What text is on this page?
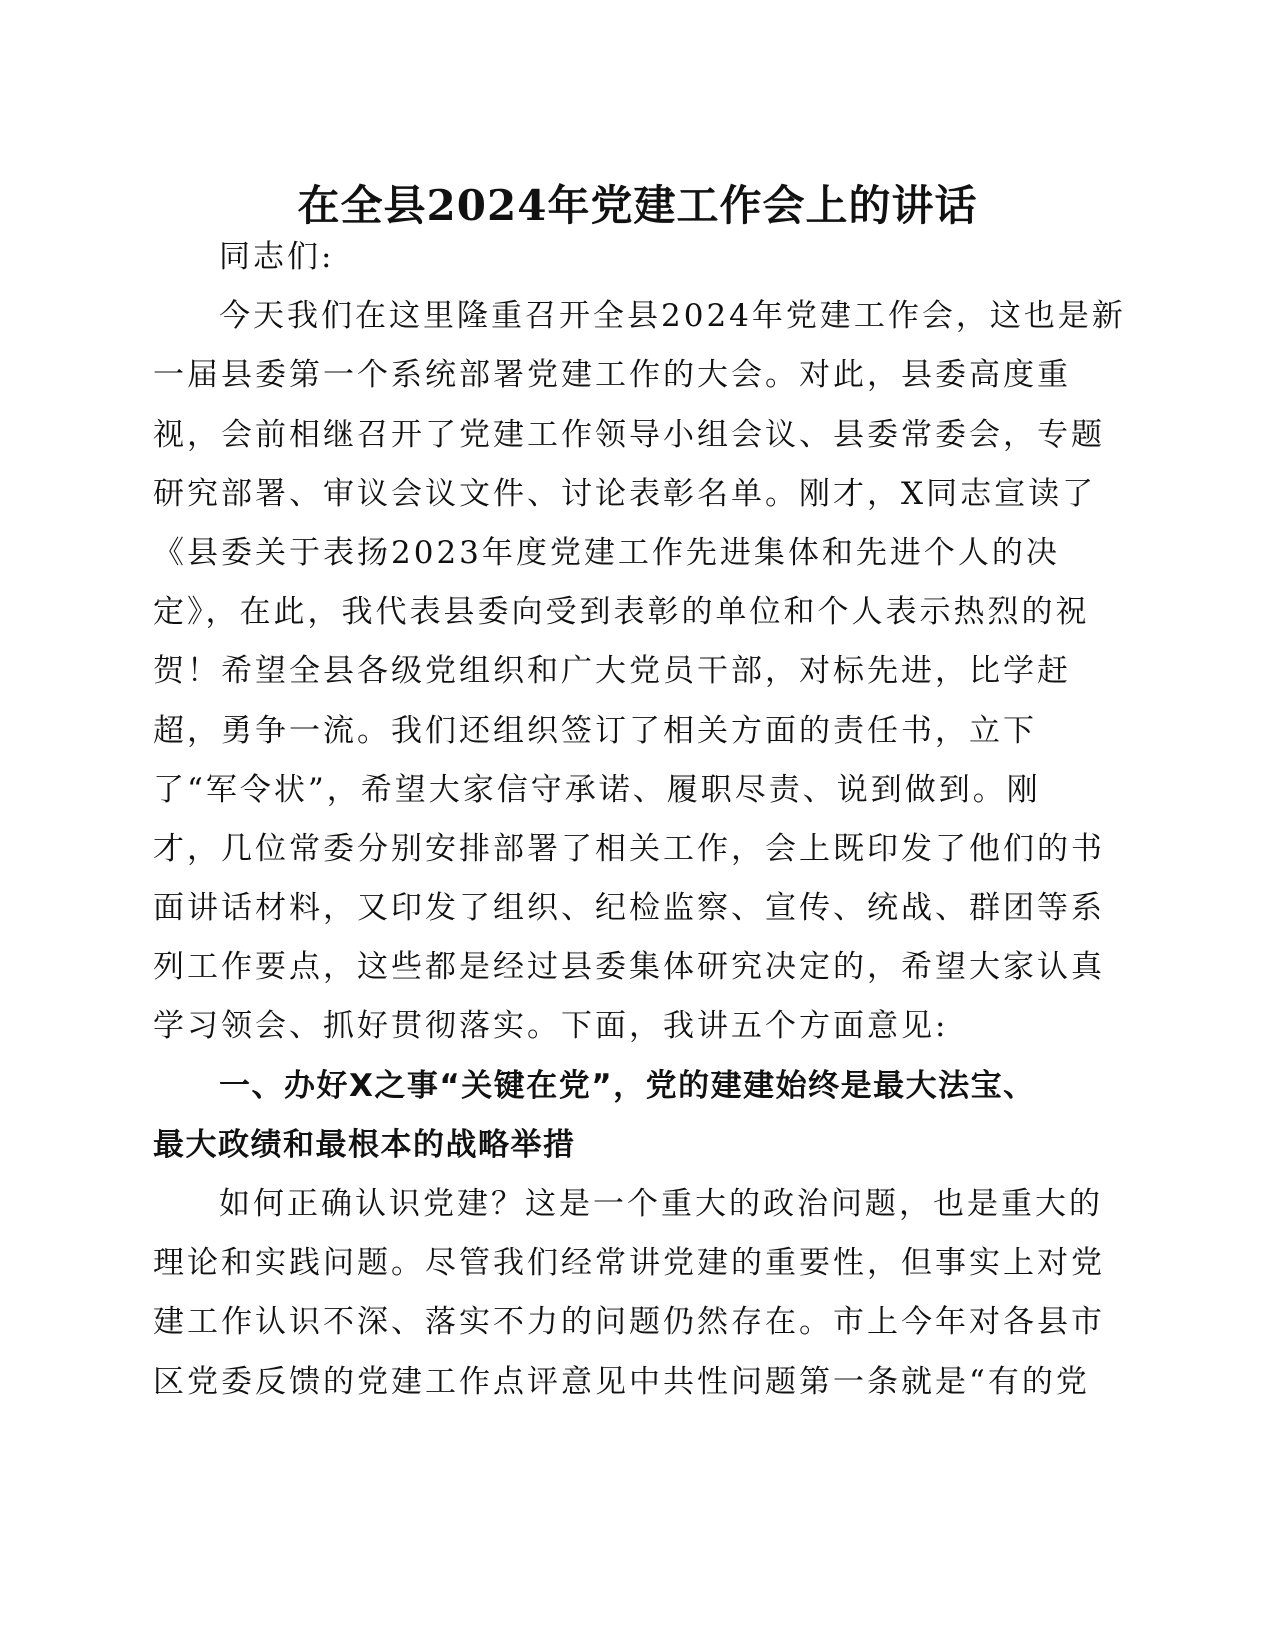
在全县2024年党建工作会上的讲话
同志们:
今天我们在这里隆重召开全县2024年党建工作会，这也是新
一届县委第一个系统部署党建工作的大会。对此，县委高度重
视，会前相继召开了党建工作领导小组会议、县委常委会，专题
研究部署、审议会议文件、讨论表彰名单。刚才，X同志宣读了
《县委关于表扬2023年度党建工作先进集体和先进个人的决
定》，在此，我代表县委向受到表彰的单位和个人表示热烈的祝
贺！希望全县各级党组织和广大党员干部，对标先进，比学赶
超，勇争一流。我们还组织签订了相关方面的责任书，立下
了“军令状”，希望大家信守承诺、履职尽责、说到做到。刚
才，几位常委分别安排部署了相关工作，会上既印发了他们的书
面讲话材料，又印发了组织、纪检监察、宣传、统战、群团等系
列工作要点，这些都是经过县委集体研究决定的，希望大家认真
学习领会、抓好贯彻落实。下面，我讲五个方面意见:
一、办好X之事“关键在党”，党的建建始终是最大法宝、
最大政绩和最根本的战略举措
如何正确认识党建？这是一个重大的政治问题，也是重大的
理论和实践问题。尽管我们经常讲党建的重要性，但事实上对党
建工作认识不深、落实不力的问题仍然存在。市上今年对各县市
区党委反馈的党建工作点评意见中共性问题第一条就是“有的党
